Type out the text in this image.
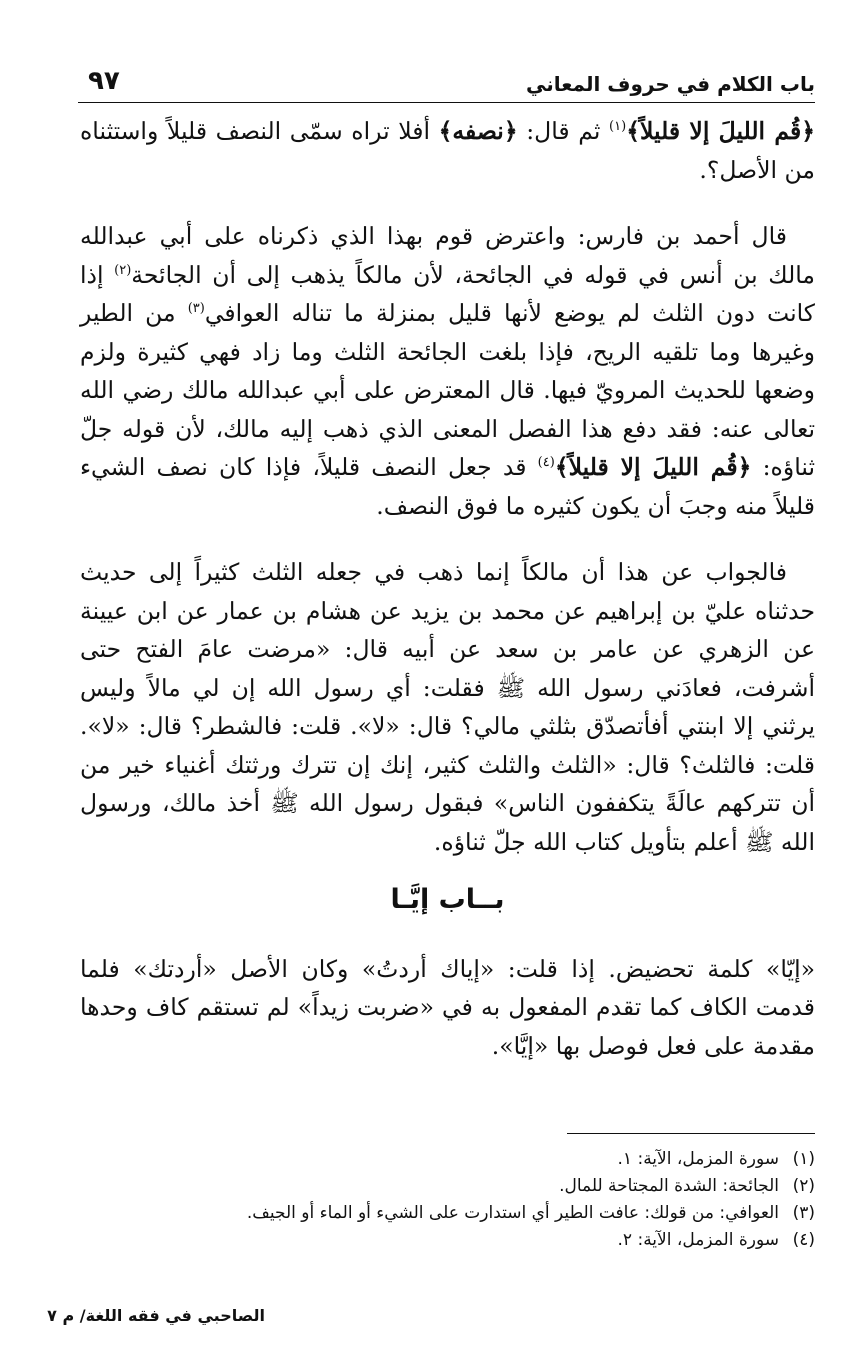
باب الكلام في حروف المعاني
٩٧

﴿قُم الليلَ إلا قليلاً﴾$^{(١)}$ ثم قال: ﴿نصفه﴾ أفلا تراه سمّى النصف قليلاً واستثناه من الأصل؟.

قال أحمد بن فارس: واعترض قوم بهذا الذي ذكرناه على أبي عبدالله مالك بن أنس في قوله في الجائحة، لأن مالكاً يذهب إلى أن الجائحة$^{(٢)}$ إذا كانت دون الثلث لم يوضع لأنها قليل بمنزلة ما تناله العوافي$^{(٣)}$ من الطير وغيرها وما تلقيه الريح، فإذا بلغت الجائحة الثلث وما زاد فهي كثيرة ولزم وضعها للحديث المرويّ فيها. قال المعترض على أبي عبدالله مالك رضي الله تعالى عنه: فقد دفع هذا الفصل المعنى الذي ذهب إليه مالك، لأن قوله جلّ ثناؤه: ﴿قُم الليلَ إلا قليلاً﴾$^{(٤)}$ قد جعل النصف قليلاً، فإذا كان نصف الشيء قليلاً منه وجبَ أن يكون كثيره ما فوق النصف.

فالجواب عن هذا أن مالكاً إنما ذهب في جعله الثلث كثيراً إلى حديث حدثناه عليّ بن إبراهيم عن محمد بن يزيد عن هشام بن عمار عن ابن عيينة عن الزهري عن عامر بن سعد عن أبيه قال: «مرضت عامَ الفتح حتى أشرفت، فعادَني رسول الله ﷺ فقلت: أي رسول الله إن لي مالاً وليس يرثني إلا ابنتي أفأتصدّق بثلثي مالي؟ قال: «لا». قلت: فالشطر؟ قال: «لا». قلت: فالثلث؟ قال: «الثلث والثلث كثير، إنك إن تترك ورثتك أغنياء خير من أن تتركهم عالَةً يتكففون الناس» فبقول رسول الله ﷺ أخذ مالك، ورسول الله ﷺ أعلم بتأويل كتاب الله جلّ ثناؤه.

بــاب إيَّـا

«إيّا» كلمة تحضيض. إذا قلت: «إياك أردتُ» وكان الأصل «أردتك» فلما قدمت الكاف كما تقدم المفعول به في «ضربت زيداً» لم تستقم كاف وحدها مقدمة على فعل فوصل بها «إيَّا».

(١)
سورة المزمل، الآية: ١.
(٢)
الجائحة: الشدة المجتاحة للمال.
(٣)
العوافي: من قولك: عافت الطير أي استدارت على الشيء أو الماء أو الجيف.
(٤)
سورة المزمل، الآية: ٢.
الصاحبي في فقه اللغة/ م ٧
